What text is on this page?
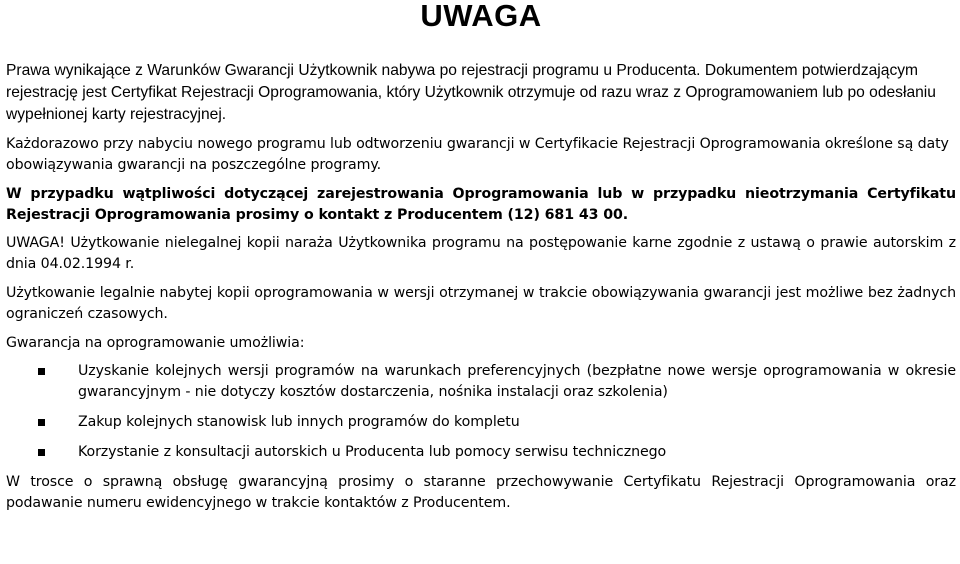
UWAGA

Prawa wynikające z Warunków Gwarancji Użytkownik nabywa po rejestracji programu u Producenta. Dokumentem potwierdzającym rejestrację jest Certyfikat Rejestracji Oprogramowania, który Użytkownik otrzymuje od razu wraz z Oprogramowaniem lub po odesłaniu wypełnionej karty rejestracyjnej.

Każdorazowo przy nabyciu nowego programu lub odtworzeniu gwarancji w Certyfikacie Rejestracji Oprogramowania określone są daty obowiązywania gwarancji na poszczególne programy.

W przypadku wątpliwości dotyczącej zarejestrowania Oprogramowania lub w przypadku nieotrzymania Certyfikatu Rejestracji Oprogramowania prosimy o kontakt z Producentem (12) 681 43 00.

UWAGA! Użytkowanie nielegalnej kopii naraża Użytkownika programu na postępowanie karne zgodnie z ustawą o prawie autorskim z dnia 04.02.1994 r.

Użytkowanie legalnie nabytej kopii oprogramowania w wersji otrzymanej w trakcie obowiązywania gwarancji jest możliwe bez żadnych ograniczeń czasowych.

Gwarancja na oprogramowanie umożliwia:

Uzyskanie kolejnych wersji programów na warunkach preferencyjnych (bezpłatne nowe wersje oprogramowania w okresie gwarancyjnym - nie dotyczy kosztów dostarczenia, nośnika instalacji oraz szkolenia)
Zakup kolejnych stanowisk lub innych programów do kompletu
Korzystanie z konsultacji autorskich u Producenta lub pomocy serwisu technicznego

W trosce o sprawną obsługę gwarancyjną prosimy o staranne przechowywanie Certyfikatu Rejestracji Oprogramowania oraz podawanie numeru ewidencyjnego w trakcie kontaktów z Producentem.
